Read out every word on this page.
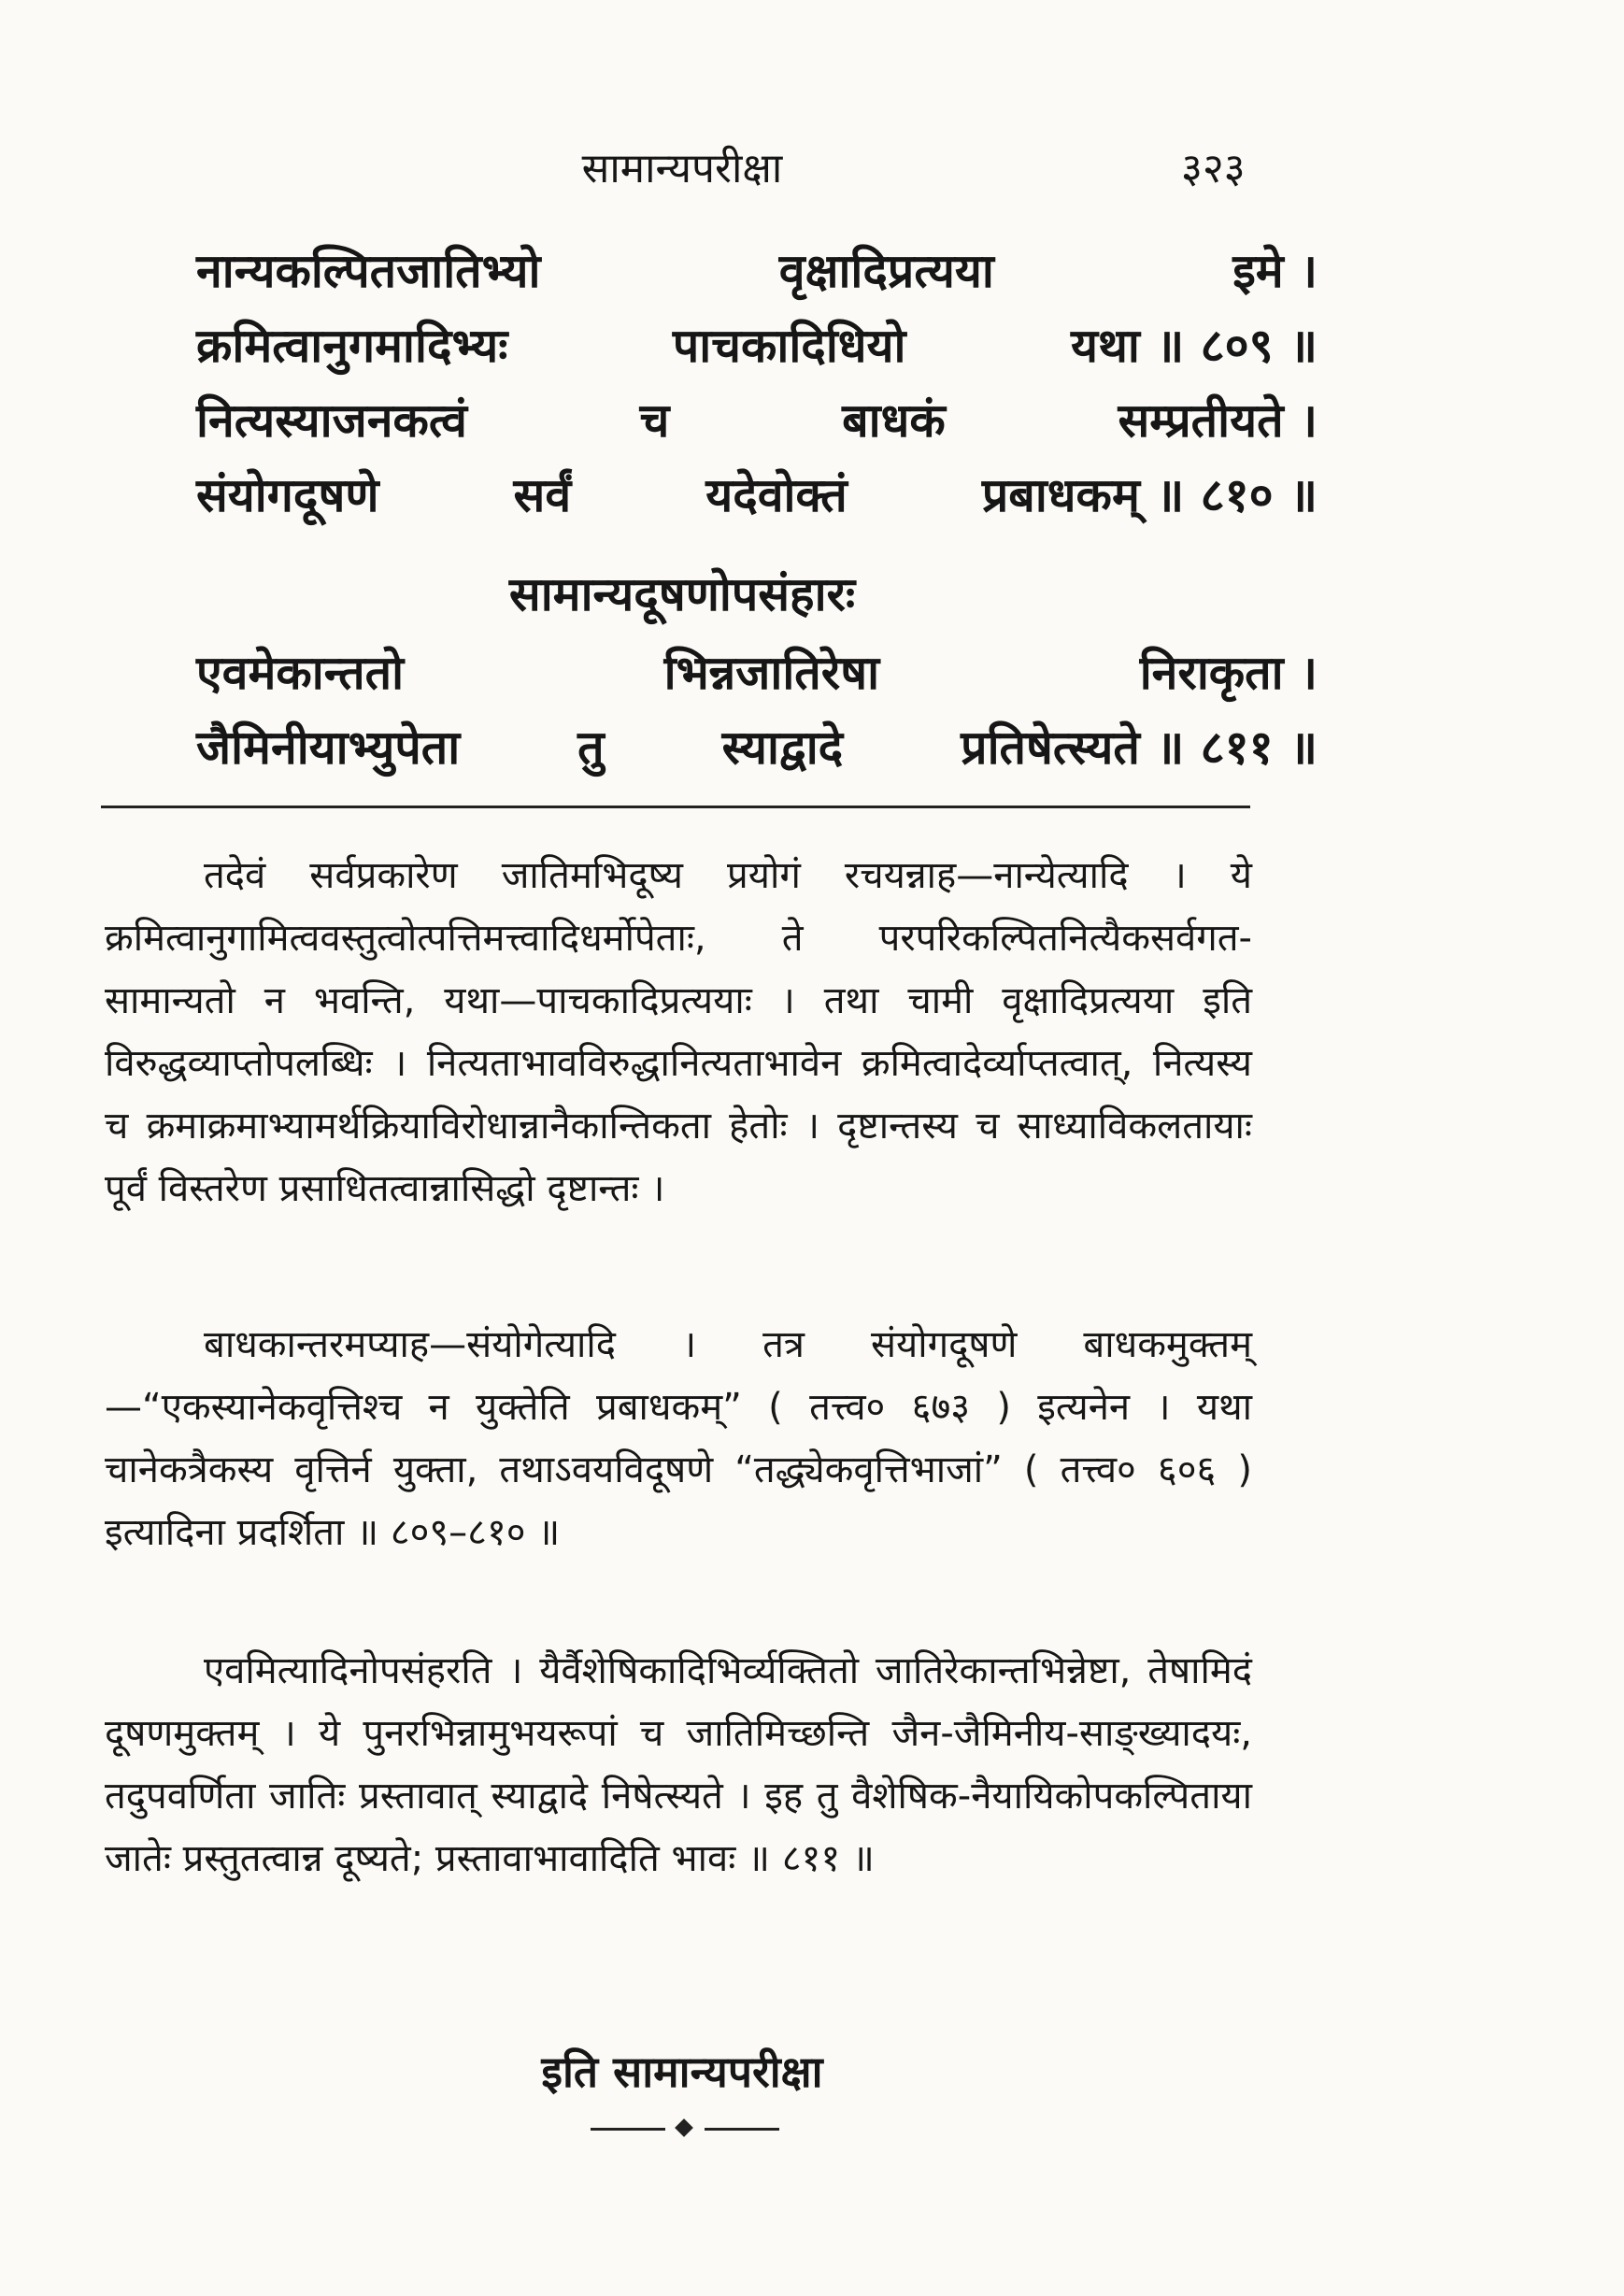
सामान्यपरीक्षा	३२३
नान्यकल्पितजातिभ्यो	वृक्षादिप्रत्यया	इमे ।
क्रमित्वानुगमादिभ्यः	पाचकादिधियो	यथा ॥ ८०९ ॥
नित्यस्याजनकत्वं	च	बाधकं	सम्प्रतीयते ।
संयोगदूषणे	सर्वं	यदेवोक्तं	प्रबाधकम् ॥ ८१० ॥
सामान्यदूषणोपसंहारः
एवमेकान्ततो	भिन्नजातिरेषा	निराकृता ।
जैमिनीयाभ्युपेता	तु	स्याद्वादे	प्रतिषेत्स्यते ॥ ८११ ॥

तदेवं सर्वप्रकारेण जातिमभिदूष्य प्रयोगं रचयन्नाह—नान्येत्यादि । ये क्रमित्वानुगामित्ववस्तुत्वोत्पत्तिमत्त्वादिधर्मोपेताः, ते परपरिकल्पितनित्यैकसर्वगत-सामान्यतो न भवन्ति, यथा—पाचकादिप्रत्ययाः । तथा चामी वृक्षादिप्रत्यया इति विरुद्धव्याप्तोपलब्धिः । नित्यताभावविरुद्धानित्यताभावेन क्रमित्वादेर्व्याप्तत्वात्, नित्यस्य च क्रमाक्रमाभ्यामर्थक्रियाविरोधान्नानैकान्तिकता हेतोः । दृष्टान्तस्य च साध्याविकलतायाः पूर्वं विस्तरेण प्रसाधितत्वान्नासिद्धो दृष्टान्तः ।

बाधकान्तरमप्याह—संयोगेत्यादि । तत्र संयोगदूषणे बाधकमुक्तम्—“एकस्यानेकवृत्तिश्च न युक्तेति प्रबाधकम्” ( तत्त्व० ६७३ ) इत्यनेन । यथा चानेकत्रैकस्य वृत्तिर्न युक्ता, तथाऽवयविदूषणे “तद्ध्येकवृत्तिभाजां” ( तत्त्व० ६०६ ) इत्यादिना प्रदर्शिता ॥ ८०९–८१० ॥

एवमित्यादिनोपसंहरति । यैर्वैशेषिकादिभिर्व्यक्तितो जातिरेकान्तभिन्नेष्टा, तेषामिदं दूषणमुक्तम् । ये पुनरभिन्नामुभयरूपां च जातिमिच्छन्ति जैन-जैमिनीय-साङ्ख्यादयः, तदुपवर्णिता जातिः प्रस्तावात् स्याद्वादे निषेत्स्यते । इह तु वैशेषिक-नैयायिकोपकल्पिताया जातेः प्रस्तुतत्वान्न दूष्यते; प्रस्तावाभावादिति भावः ॥ ८११ ॥

इति सामान्यपरीक्षा
